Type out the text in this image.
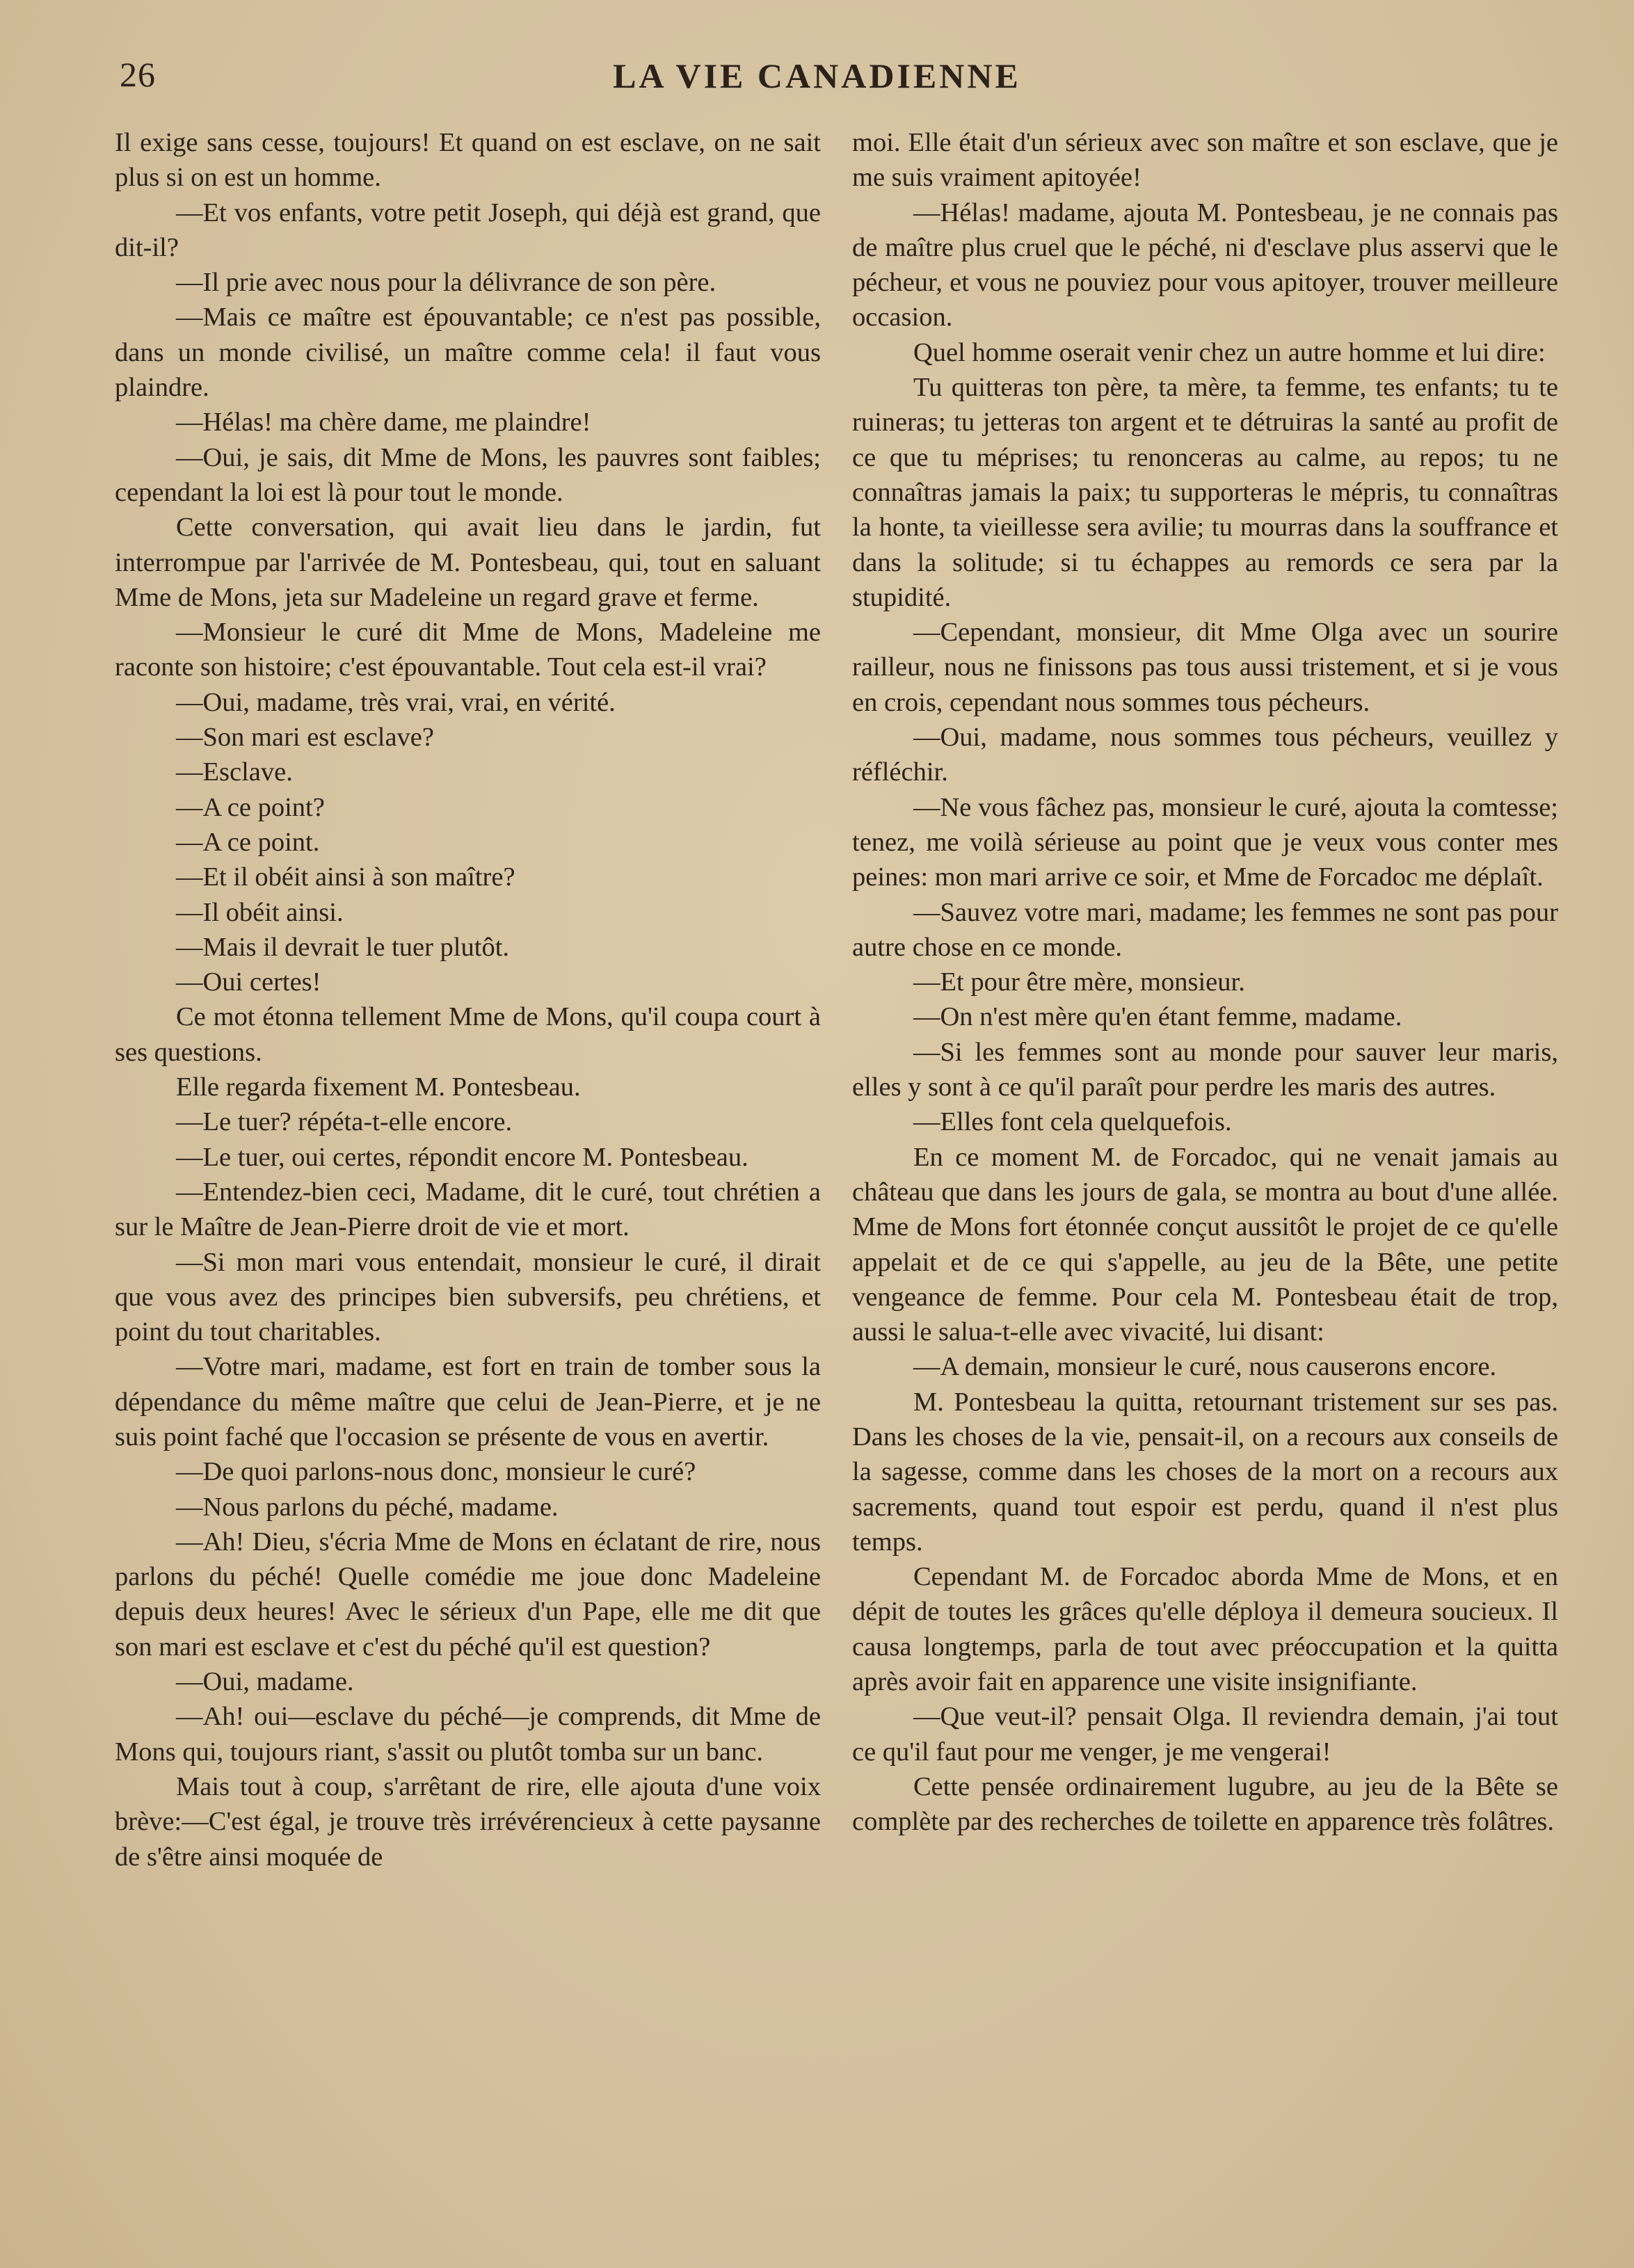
26	LA VIE CANADIENNE

Il exige sans cesse, toujours! Et quand on est esclave, on ne sait plus si on est un homme.

—Et vos enfants, votre petit Joseph, qui déjà est grand, que dit-il?

—Il prie avec nous pour la délivrance de son père.

—Mais ce maître est épouvantable; ce n'est pas possible, dans un monde civilisé, un maître comme cela! il faut vous plaindre.

—Hélas! ma chère dame, me plaindre!

—Oui, je sais, dit Mme de Mons, les pauvres sont faibles; cependant la loi est là pour tout le monde.

Cette conversation, qui avait lieu dans le jardin, fut interrompue par l'arrivée de M. Pontesbeau, qui, tout en saluant Mme de Mons, jeta sur Madeleine un regard grave et ferme.

—Monsieur le curé dit Mme de Mons, Madeleine me raconte son histoire; c'est épouvantable. Tout cela est-il vrai?

—Oui, madame, très vrai, vrai, en vérité.

—Son mari est esclave?

—Esclave.

—A ce point?

—A ce point.

—Et il obéit ainsi à son maître?

—Il obéit ainsi.

—Mais il devrait le tuer plutôt.

—Oui certes!

Ce mot étonna tellement Mme de Mons, qu'il coupa court à ses questions.

Elle regarda fixement M. Pontesbeau.

—Le tuer? répéta-t-elle encore.

—Le tuer, oui certes, répondit encore M. Pontesbeau.

—Entendez-bien ceci, Madame, dit le curé, tout chrétien a sur le Maître de Jean-Pierre droit de vie et mort.

—Si mon mari vous entendait, monsieur le curé, il dirait que vous avez des principes bien subversifs, peu chrétiens, et point du tout charitables.

—Votre mari, madame, est fort en train de tomber sous la dépendance du même maître que celui de Jean-Pierre, et je ne suis point faché que l'occasion se présente de vous en avertir.

—De quoi parlons-nous donc, monsieur le curé?

—Nous parlons du péché, madame.

—Ah! Dieu, s'écria Mme de Mons en éclatant de rire, nous parlons du péché! Quelle comédie me joue donc Madeleine depuis deux heures! Avec le sérieux d'un Pape, elle me dit que son mari est esclave et c'est du péché qu'il est question?

—Oui, madame.

—Ah! oui—esclave du péché—je comprends, dit Mme de Mons qui, toujours riant, s'assit ou plutôt tomba sur un banc.

Mais tout à coup, s'arrêtant de rire, elle ajouta d'une voix brève:—C'est égal, je trouve très irrévérencieux à cette paysanne de s'être ainsi moquée de

moi. Elle était d'un sérieux avec son maître et son esclave, que je me suis vraiment apitoyée!

—Hélas! madame, ajouta M. Pontesbeau, je ne connais pas de maître plus cruel que le péché, ni d'esclave plus asservi que le pécheur, et vous ne pouviez pour vous apitoyer, trouver meilleure occasion.

Quel homme oserait venir chez un autre homme et lui dire:

Tu quitteras ton père, ta mère, ta femme, tes enfants; tu te ruineras; tu jetteras ton argent et te détruiras la santé au profit de ce que tu méprises; tu renonceras au calme, au repos; tu ne connaîtras jamais la paix; tu supporteras le mépris, tu connaîtras la honte, ta vieillesse sera avilie; tu mourras dans la souffrance et dans la solitude; si tu échappes au remords ce sera par la stupidité.

—Cependant, monsieur, dit Mme Olga avec un sourire railleur, nous ne finissons pas tous aussi tristement, et si je vous en crois, cependant nous sommes tous pécheurs.

—Oui, madame, nous sommes tous pécheurs, veuillez y réfléchir.

—Ne vous fâchez pas, monsieur le curé, ajouta la comtesse; tenez, me voilà sérieuse au point que je veux vous conter mes peines: mon mari arrive ce soir, et Mme de Forcadoc me déplaît.

—Sauvez votre mari, madame; les femmes ne sont pas pour autre chose en ce monde.

—Et pour être mère, monsieur.

—On n'est mère qu'en étant femme, madame.

—Si les femmes sont au monde pour sauver leur maris, elles y sont à ce qu'il paraît pour perdre les maris des autres.

—Elles font cela quelquefois.

En ce moment M. de Forcadoc, qui ne venait jamais au château que dans les jours de gala, se montra au bout d'une allée. Mme de Mons fort étonnée conçut aussitôt le projet de ce qu'elle appelait et de ce qui s'appelle, au jeu de la Bête, une petite vengeance de femme. Pour cela M. Pontesbeau était de trop, aussi le salua-t-elle avec vivacité, lui disant:

—A demain, monsieur le curé, nous causerons encore.

M. Pontesbeau la quitta, retournant tristement sur ses pas. Dans les choses de la vie, pensait-il, on a recours aux conseils de la sagesse, comme dans les choses de la mort on a recours aux sacrements, quand tout espoir est perdu, quand il n'est plus temps.

Cependant M. de Forcadoc aborda Mme de Mons, et en dépit de toutes les grâces qu'elle déploya il demeura soucieux. Il causa longtemps, parla de tout avec préoccupation et la quitta après avoir fait en apparence une visite insignifiante.

—Que veut-il? pensait Olga. Il reviendra demain, j'ai tout ce qu'il faut pour me venger, je me vengerai!

Cette pensée ordinairement lugubre, au jeu de la Bête se complète par des recherches de toilette en apparence très folâtres.
